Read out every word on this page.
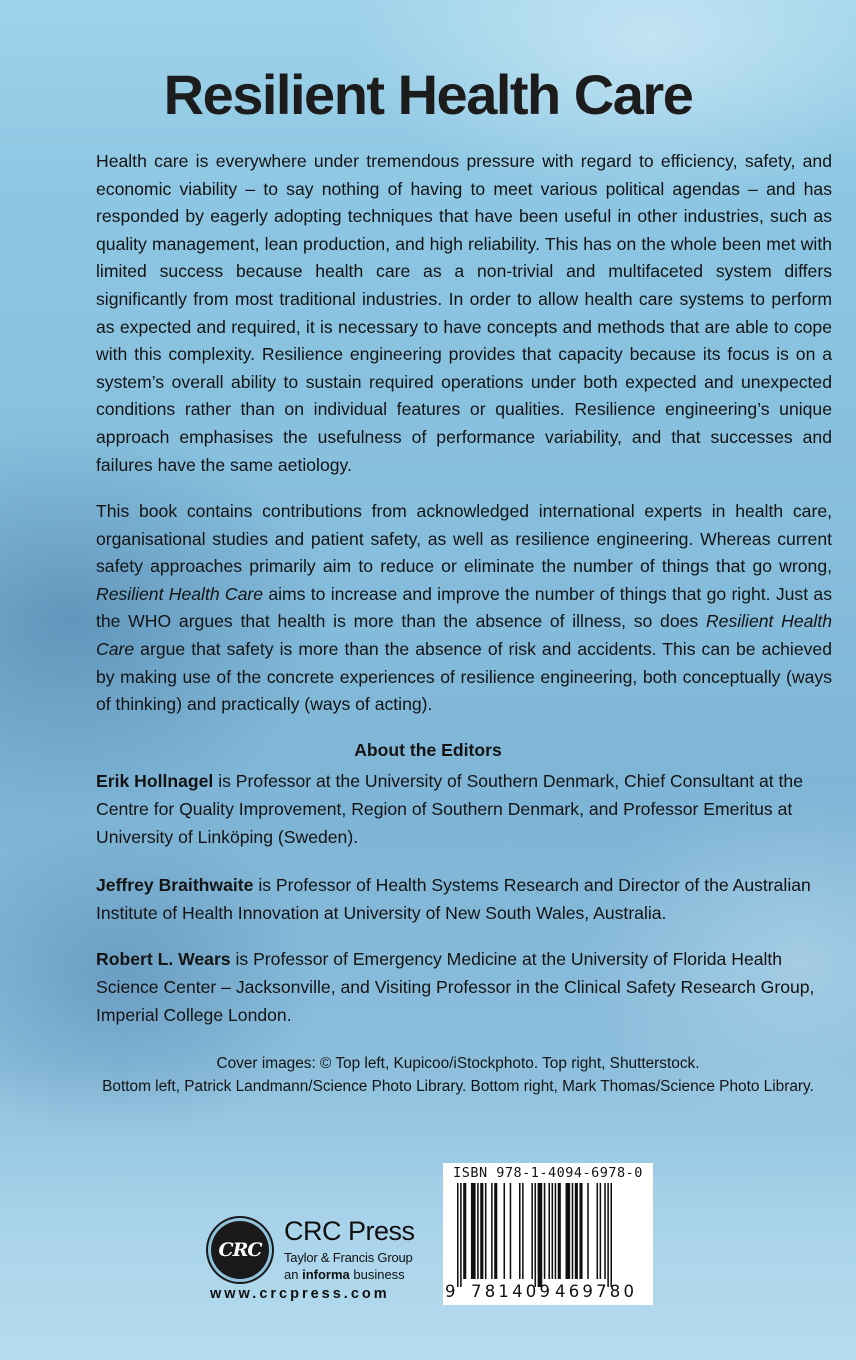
Resilient Health Care

Health care is everywhere under tremendous pressure with regard to efficiency, safety, and economic viability – to say nothing of having to meet various political agendas – and has responded by eagerly adopting techniques that have been useful in other industries, such as quality management, lean production, and high reliability. This has on the whole been met with limited success because health care as a non-trivial and multifaceted system differs significantly from most traditional industries. In order to allow health care systems to perform as expected and required, it is necessary to have concepts and methods that are able to cope with this complexity. Resilience engineering provides that capacity because its focus is on a system’s overall ability to sustain required operations under both expected and unexpected conditions rather than on individual features or qualities. Resilience engineering’s unique approach emphasises the usefulness of performance variability, and that successes and failures have the same aetiology.

This book contains contributions from acknowledged international experts in health care, organisational studies and patient safety, as well as resilience engineering. Whereas current safety approaches primarily aim to reduce or eliminate the number of things that go wrong, Resilient Health Care aims to increase and improve the number of things that go right. Just as the WHO argues that health is more than the absence of illness, so does Resilient Health Care argue that safety is more than the absence of risk and accidents. This can be achieved by making use of the concrete experiences of resilience engineering, both conceptually (ways of thinking) and practically (ways of acting).

About the Editors

Erik Hollnagel is Professor at the University of Southern Denmark, Chief Consultant at the Centre for Quality Improvement, Region of Southern Denmark, and Professor Emeritus at University of Linköping (Sweden).

Jeffrey Braithwaite is Professor of Health Systems Research and Director of the Australian Institute of Health Innovation at University of New South Wales, Australia.

Robert L. Wears is Professor of Emergency Medicine at the University of Florida Health Science Center – Jacksonville, and Visiting Professor in the Clinical Safety Research Group, Imperial College London.

Cover images: © Top left, Kupicoo/iStockphoto. Top right, Shutterstock.
Bottom left, Patrick Landmann/Science Photo Library. Bottom right, Mark Thomas/Science Photo Library.
CRC
CRC Press
Taylor & Francis Group
an informa business
www.crcpress.com
ISBN 978-1-4094-6978-0
9 781409 469780
